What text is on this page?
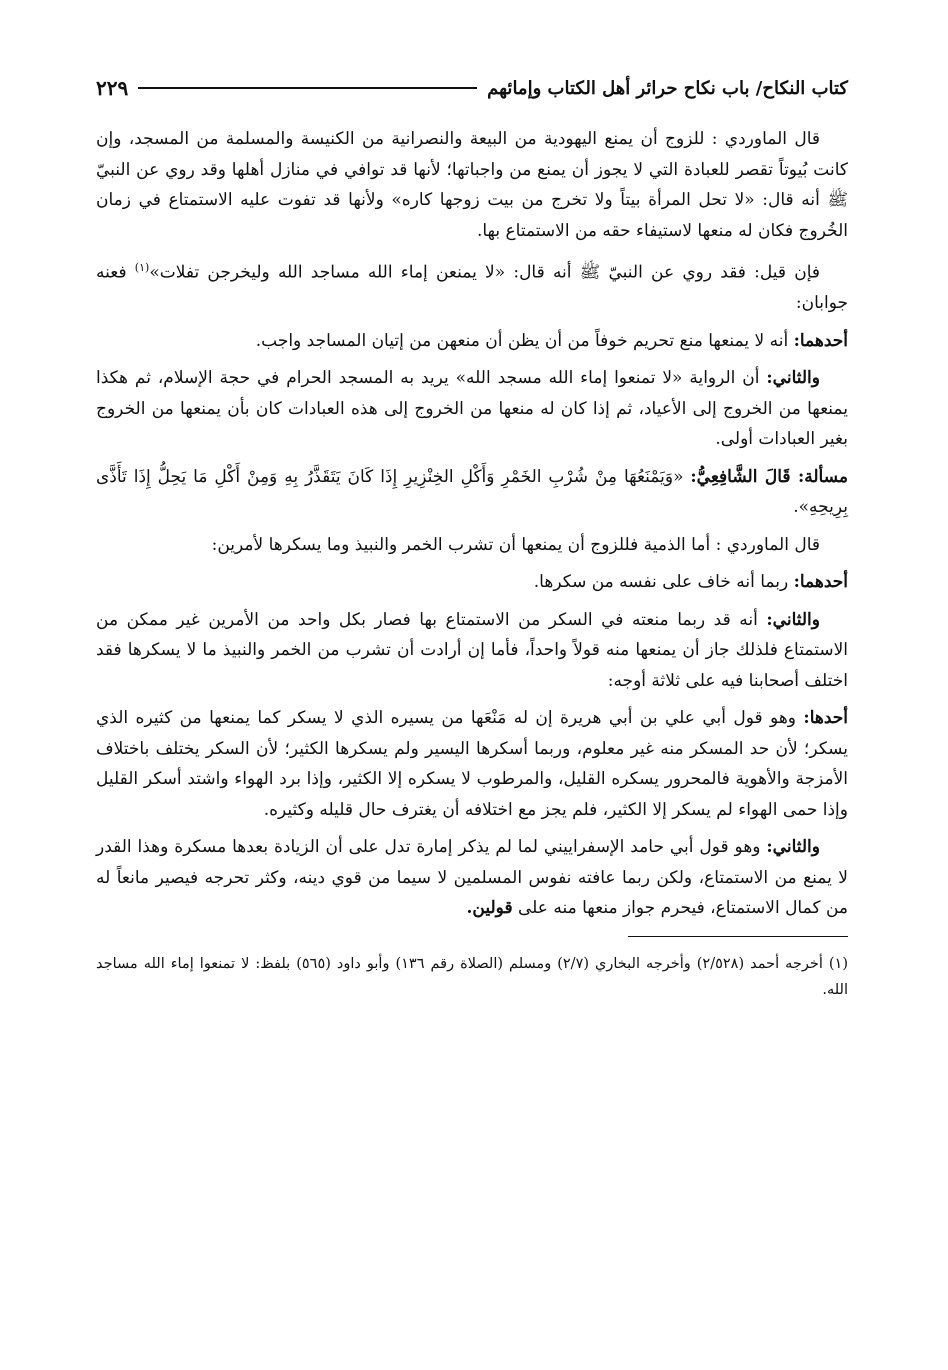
كتاب النكاح/ باب نكاح حرائر أهل الكتاب وإمائهم
٢٢٩

قال الماوردي : للزوج أن يمنع اليهودية من البيعة والنصرانية من الكنيسة والمسلمة من المسجد، وإن كانت بُيوتاً تقصر للعبادة التي لا يجوز أن يمنع من واجباتها؛ لأنها قد توافي في منازل أهلها وقد روي عن النبيّ ﷺ أنه قال: «لا تحل المرأة بيتاً ولا تخرج من بيت زوجها كاره» ولأنها قد تفوت عليه الاستمتاع في زمان الخُروج فكان له منعها لاستيفاء حقه من الاستمتاع بها.

فإن قيل: فقد روي عن النبيّ ﷺ أنه قال: «لا يمنعن إماء الله مساجد الله وليخرجن تفلات»$^{(١)}$ فعنه جوابان:

أحدهما: أنه لا يمنعها منع تحريم خوفاً من أن يظن أن منعهن من إتيان المساجد واجب.

والثاني: أن الرواية «لا تمنعوا إماء الله مسجد الله» يريد به المسجد الحرام في حجة الإسلام، ثم هكذا يمنعها من الخروج إلى الأعياد، ثم إذا كان له منعها من الخروج إلى هذه العبادات كان بأن يمنعها من الخروج بغير العبادات أولى.

مسألة: قَالَ الشَّافِعِيُّ: «وَيَمْنَعُهَا مِنْ شُرْبِ الخَمْرِ وَأَكْلِ الخِنْزِيرِ إِذَا كَانَ يَتَقَذَّرُ بِهِ وَمِنْ أَكْلِ مَا يَحِلُّ إِذَا تَأَذَّى بِرِيحِهِ».

قال الماوردي : أما الذمية فللزوج أن يمنعها أن تشرب الخمر والنبيذ وما يسكرها لأمرين:

أحدهما: ربما أنه خاف على نفسه من سكرها.

والثاني: أنه قد ربما منعته في السكر من الاستمتاع بها فصار بكل واحد من الأمرين غير ممكن من الاستمتاع فلذلك جاز أن يمنعها منه قولاً واحداً، فأما إن أرادت أن تشرب من الخمر والنبيذ ما لا يسكرها فقد اختلف أصحابنا فيه على ثلاثة أوجه:

أحدها: وهو قول أبي علي بن أبي هريرة إن له مَنْعَها من يسيره الذي لا يسكر كما يمنعها من كثيره الذي يسكر؛ لأن حد المسكر منه غير معلوم، وربما أسكرها اليسير ولم يسكرها الكثير؛ لأن السكر يختلف باختلاف الأمزجة والأهوية فالمحرور يسكره القليل، والمرطوب لا يسكره إلا الكثير، وإذا برد الهواء واشتد أسكر القليل وإذا حمى الهواء لم يسكر إلا الكثير، فلم يجز مع اختلافه أن يغترف حال قليله وكثيره.

والثاني: وهو قول أبي حامد الإسفراييني لما لم يذكر إمارة تدل على أن الزيادة بعدها مسكرة وهذا القدر لا يمنع من الاستمتاع، ولكن ربما عافته نفوس المسلمين لا سيما من قوي دينه، وكثر تحرجه فيصير مانعاً له من كمال الاستمتاع، فيحرم جواز منعها منه على قولين.

(١) أخرجه أحمد (٢/٥٢٨) وأخرجه البخاري (٢/٧) ومسلم (الصلاة رقم ١٣٦) وأبو داود (٥٦٥) بلفظ: لا تمنعوا إماء الله مساجد الله.
